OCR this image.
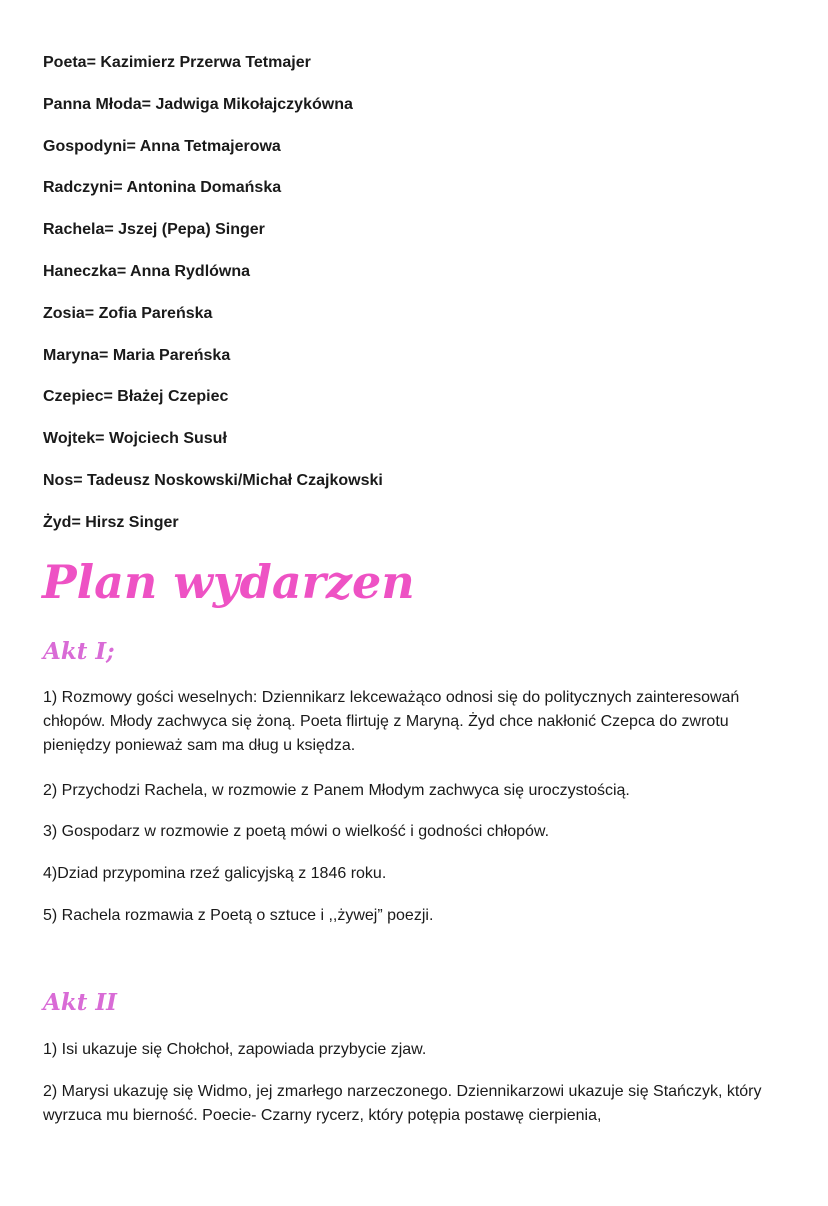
Poeta= Kazimierz Przerwa Tetmajer
Panna Młoda= Jadwiga Mikołajczykówna
Gospodyni= Anna Tetmajerowa
Radczyni= Antonina Domańska
Rachela= Jszej (Pepa) Singer
Haneczka= Anna Rydlówna
Zosia= Zofia Pareńska
Maryna= Maria Pareńska
Czepiec= Błażej Czepiec
Wojtek= Wojciech Susuł
Nos= Tadeusz Noskowski/Michał Czajkowski
Żyd= Hirsz Singer
Plan wydarzen
Akt I;

1) Rozmowy gości weselnych: Dziennikarz lekceważąco odnosi się do politycznych zainteresowań chłopów. Młody zachwyca się żoną. Poeta flirtuję z Maryną. Żyd chce nakłonić Czepca do zwrotu pieniędzy ponieważ sam ma dług u księdza.

2) Przychodzi Rachela, w rozmowie z Panem Młodym zachwyca się uroczystością.

3) Gospodarz w rozmowie z poetą mówi o wielkość i godności chłopów.

4)Dziad przypomina rzeź galicyjską z 1846 roku.

5) Rachela rozmawia z Poetą o sztuce i ,,żywej” poezji.

Akt II

1) Isi ukazuje się Chołchoł, zapowiada przybycie zjaw.

2) Marysi ukazuję się Widmo, jej zmarłego narzeczonego. Dziennikarzowi ukazuje się Stańczyk, który wyrzuca mu bierność. Poecie- Czarny rycerz, który potępia postawę cierpienia,
